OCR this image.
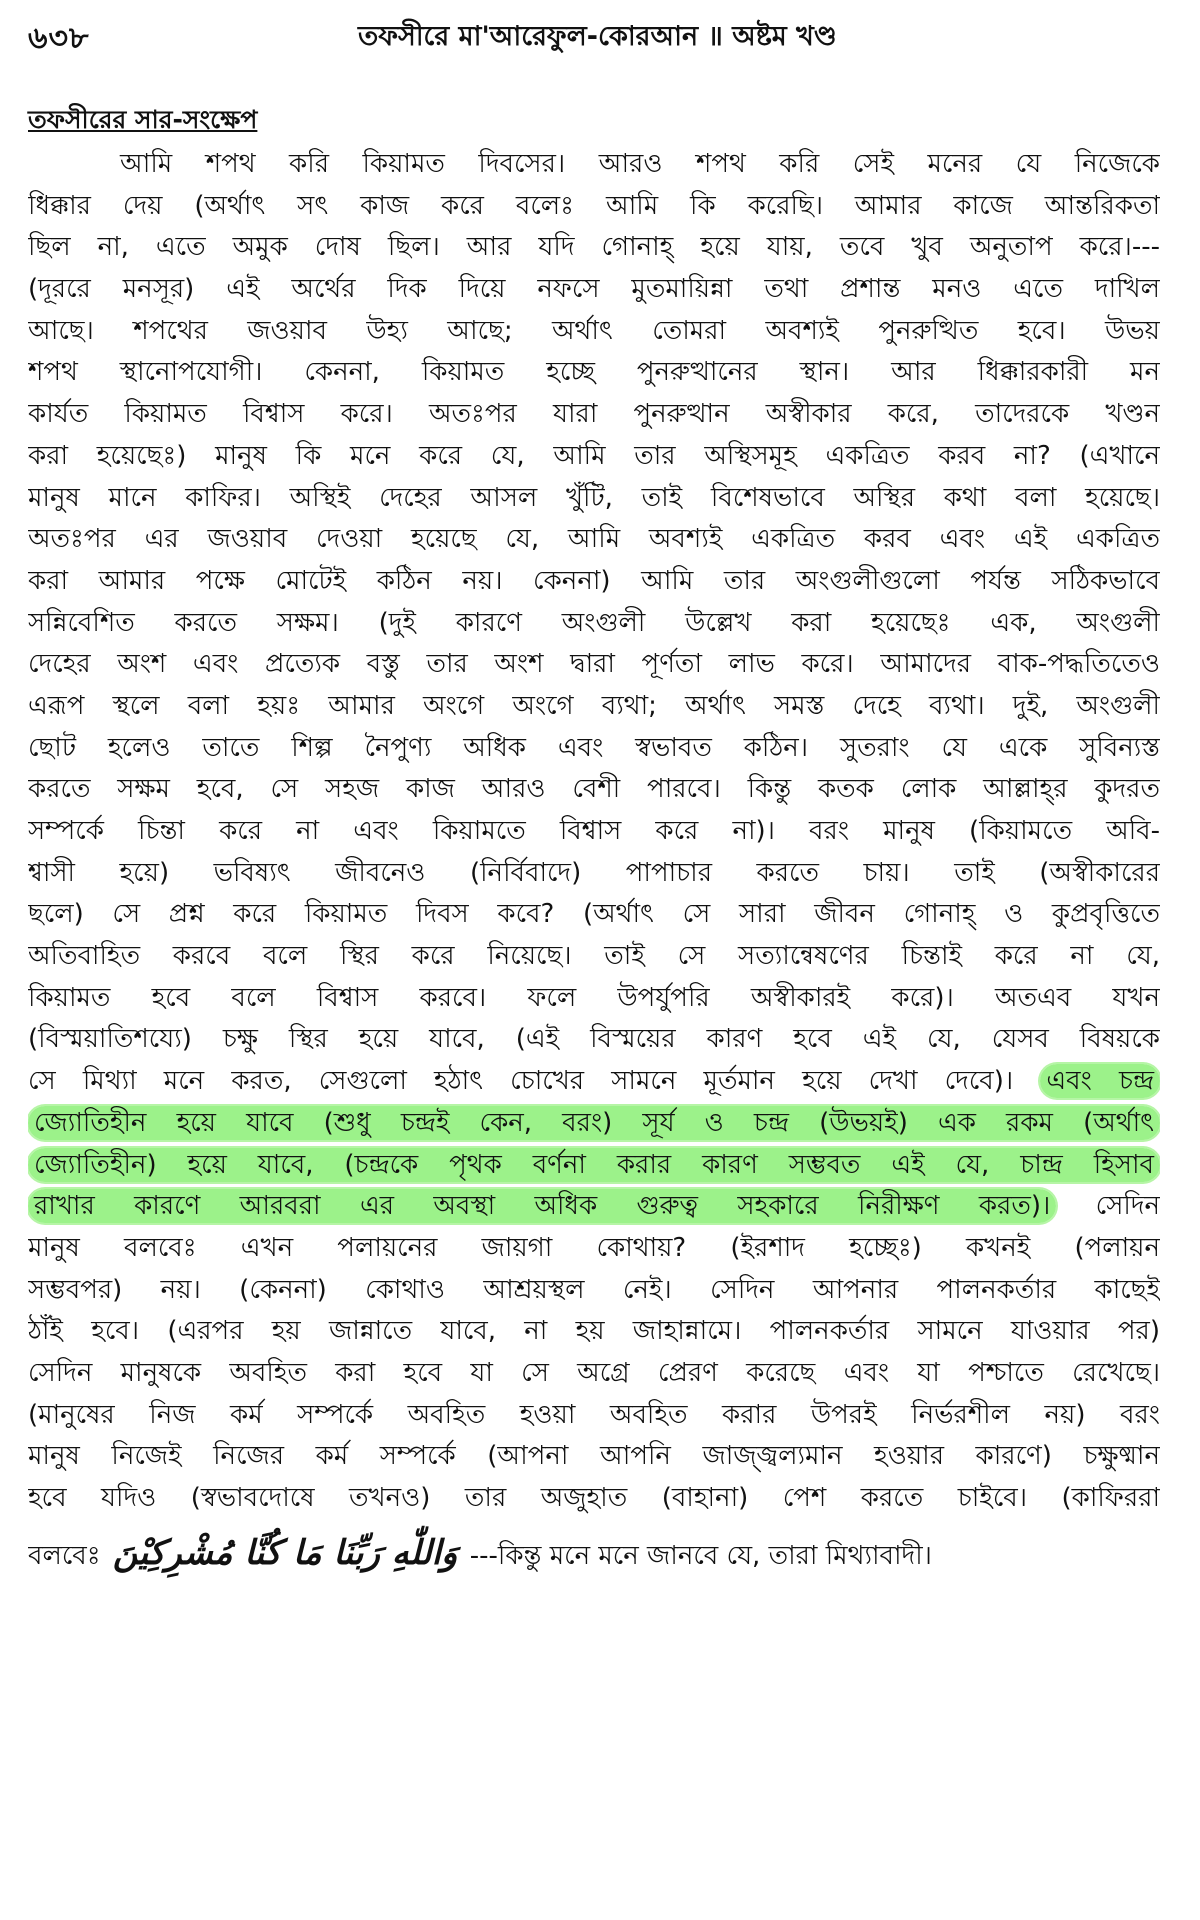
৬৩৮	তফসীরে মা'আরেফুল-কোরআন ॥ অষ্টম খণ্ড
তফসীরের সার-সংক্ষেপ
আমি শপথ করি কিয়ামত দিবসের। আরও শপথ করি সেই মনের যে নিজেকে
ধিক্কার দেয় (অর্থাৎ সৎ কাজ করে বলেঃ আমি কি করেছি। আমার কাজে আন্তরিকতা
ছিল না, এতে অমুক দোষ ছিল। আর যদি গোনাহ্ হয়ে যায়, তবে খুব অনুতাপ করে।---
(দূররে মনসূর) এই অর্থের দিক দিয়ে নফসে মুতমায়িন্না তথা প্রশান্ত মনও এতে দাখিল
আছে। শপথের জওয়াব উহ্য আছে; অর্থাৎ তোমরা অবশ্যই পুনরুত্থিত হবে। উভয়
শপথ স্থানোপযোগী। কেননা, কিয়ামত হচ্ছে পুনরুত্থানের স্থান। আর ধিক্কারকারী মন
কার্যত কিয়ামত বিশ্বাস করে। অতঃপর যারা পুনরুত্থান অস্বীকার করে, তাদেরকে খণ্ডন
করা হয়েছেঃ) মানুষ কি মনে করে যে, আমি তার অস্থিসমূহ একত্রিত করব না? (এখানে
মানুষ মানে কাফির। অস্থিই দেহের আসল খুঁটি, তাই বিশেষভাবে অস্থির কথা বলা হয়েছে।
অতঃপর এর জওয়াব দেওয়া হয়েছে যে, আমি অবশ্যই একত্রিত করব এবং এই একত্রিত
করা আমার পক্ষে মোটেই কঠিন নয়। কেননা) আমি তার অংগুলীগুলো পর্যন্ত সঠিকভাবে
সন্নিবেশিত করতে সক্ষম। (দুই কারণে অংগুলী উল্লেখ করা হয়েছেঃ এক, অংগুলী
দেহের অংশ এবং প্রত্যেক বস্তু তার অংশ দ্বারা পূর্ণতা লাভ করে। আমাদের বাক-পদ্ধতিতেও
এরূপ স্থলে বলা হয়ঃ আমার অংগে অংগে ব্যথা; অর্থাৎ সমস্ত দেহে ব্যথা। দুই, অংগুলী
ছোট হলেও তাতে শিল্প নৈপুণ্য অধিক এবং স্বভাবত কঠিন। সুতরাং যে একে সুবিন্যস্ত
করতে সক্ষম হবে, সে সহজ কাজ আরও বেশী পারবে। কিন্তু কতক লোক আল্লাহ্‌র কুদরত
সম্পর্কে চিন্তা করে না এবং কিয়ামতে বিশ্বাস করে না)। বরং মানুষ (কিয়ামতে অবি-
শ্বাসী হয়ে) ভবিষ্যৎ জীবনেও (নির্বিবাদে) পাপাচার করতে চায়। তাই (অস্বীকারের
ছলে) সে প্রশ্ন করে কিয়ামত দিবস কবে? (অর্থাৎ সে সারা জীবন গোনাহ্ ও কুপ্রবৃত্তিতে
অতিবাহিত করবে বলে স্থির করে নিয়েছে। তাই সে সত্যান্বেষণের চিন্তাই করে না যে,
কিয়ামত হবে বলে বিশ্বাস করবে। ফলে উপর্যুপরি অস্বীকারই করে)। অতএব যখন
(বিস্ময়াতিশয্যে) চক্ষু স্থির হয়ে যাবে, (এই বিস্ময়ের কারণ হবে এই যে, যেসব বিষয়কে
সে মিথ্যা মনে করত, সেগুলো হঠাৎ চোখের সামনে মূর্তমান হয়ে দেখা দেবে)। এবং চন্দ্র
জ্যোতিহীন হয়ে যাবে (শুধু চন্দ্রই কেন, বরং) সূর্য ও চন্দ্র (উভয়ই) এক রকম (অর্থাৎ
জ্যোতিহীন) হয়ে যাবে, (চন্দ্রকে পৃথক বর্ণনা করার কারণ সম্ভবত এই যে, চান্দ্র হিসাব
রাখার কারণে আরবরা এর অবস্থা অধিক গুরুত্ব সহকারে নিরীক্ষণ করত)। সেদিন
মানুষ বলবেঃ এখন পলায়নের জায়গা কোথায়? (ইরশাদ হচ্ছেঃ) কখনই (পলায়ন
সম্ভবপর) নয়। (কেননা) কোথাও আশ্রয়স্থল নেই। সেদিন আপনার পালনকর্তার কাছেই
ঠাঁই হবে। (এরপর হয় জান্নাতে যাবে, না হয় জাহান্নামে। পালনকর্তার সামনে যাওয়ার পর)
সেদিন মানুষকে অবহিত করা হবে যা সে অগ্রে প্রেরণ করেছে এবং যা পশ্চাতে রেখেছে।
(মানুষের নিজ কর্ম সম্পর্কে অবহিত হওয়া অবহিত করার উপরই নির্ভরশীল নয়) বরং
মানুষ নিজেই নিজের কর্ম সম্পর্কে (আপনা আপনি জাজ্জ্বল্যমান হওয়ার কারণে) চক্ষুষ্মান
হবে যদিও (স্বভাবদোষে তখনও) তার অজুহাত (বাহানা) পেশ করতে চাইবে। (কাফিররা
বলবেঃ وَاللّٰهِ رَبِّنَا مَا كُنَّا مُشْرِكِيْنَ ---কিন্তু মনে মনে জানবে যে, তারা মিথ্যাবাদী।
